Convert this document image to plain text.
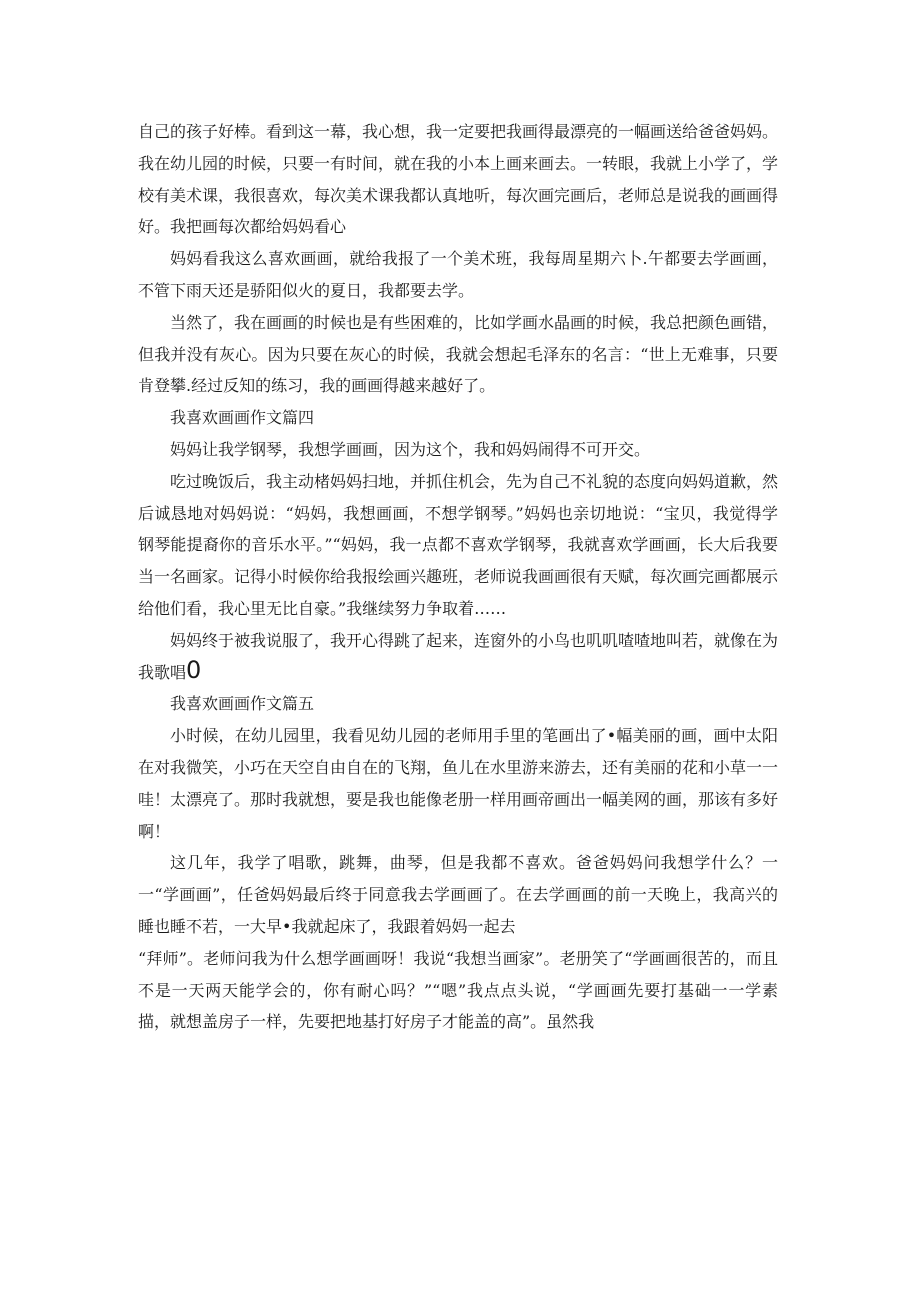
自己的孩子好棒。看到这一幕，我心想，我一定要把我画得最漂亮的一幅画送给爸爸妈妈。我在幼儿园的时候，只要一有时间，就在我的小本上画来画去。一转眼，我就上小学了，学校有美术课，我很喜欢，每次美术课我都认真地听，每次画完画后，老师总是说我的画画得好。我把画每次都给妈妈看心

妈妈看我这么喜欢画画，就给我报了一个美术班，我每周星期六卜.午都要去学画画，不管下雨天还是骄阳似火的夏日，我都要去学。

当然了，我在画画的时候也是有些困难的，比如学画水晶画的时候，我总把颜色画错，但我并没有灰心。因为只要在灰心的时候，我就会想起毛泽东的名言：“世上无难事，只要肯登攀.经过反知的练习，我的画画得越来越好了。

我喜欢画画作文篇四

妈妈让我学钢琴，我想学画画，因为这个，我和妈妈闹得不可开交。

吃过晚饭后，我主动楮妈妈扫地，并抓住机会，先为自己不礼貌的态度向妈妈道歉，然后诚恳地对妈妈说：“妈妈，我想画画，不想学钢琴。”妈妈也亲切地说：“宝贝，我觉得学钢琴能提裔你的音乐水平。”“妈妈，我一点都不喜欢学钢琴，我就喜欢学画画，长大后我要当一名画家。记得小时候你给我报绘画兴趣班，老师说我画画很有天赋，每次画完画都展示给他们看，我心里无比自豪。”我继续努力争取着……

妈妈终于被我说服了，我开心得跳了起来，连窗外的小鸟也叽叽喳喳地叫若，就像在为我歌唱0

我喜欢画画作文篇五

小时候，在幼儿园里，我看见幼儿园的老师用手里的笔画出了•幅美丽的画，画中太阳在对我微笑，小巧在天空自由自在的飞翔，鱼儿在水里游来游去，还有美丽的花和小草一一哇！太漂亮了。那时我就想，要是我也能像老册一样用画帝画出一幅美网的画，那该有多好啊！

这几年，我学了唱歌，跳舞，曲琴，但是我都不喜欢。爸爸妈妈问我想学什么？一一“学画画”，任爸妈妈最后终于同意我去学画画了。在去学画画的前一天晚上，我高兴的睡也睡不若，一大早•我就起床了，我跟着妈妈一起去

“拜师”。老师问我为什么想学画画呀！我说“我想当画家”。老册笑了“学画画很苦的，而且不是一天两天能学会的，你有耐心吗？”“嗯”我点点头说，“学画画先要打基础一一学素描，就想盖房子一样，先要把地基打好房子才能盖的高”。虽然我
